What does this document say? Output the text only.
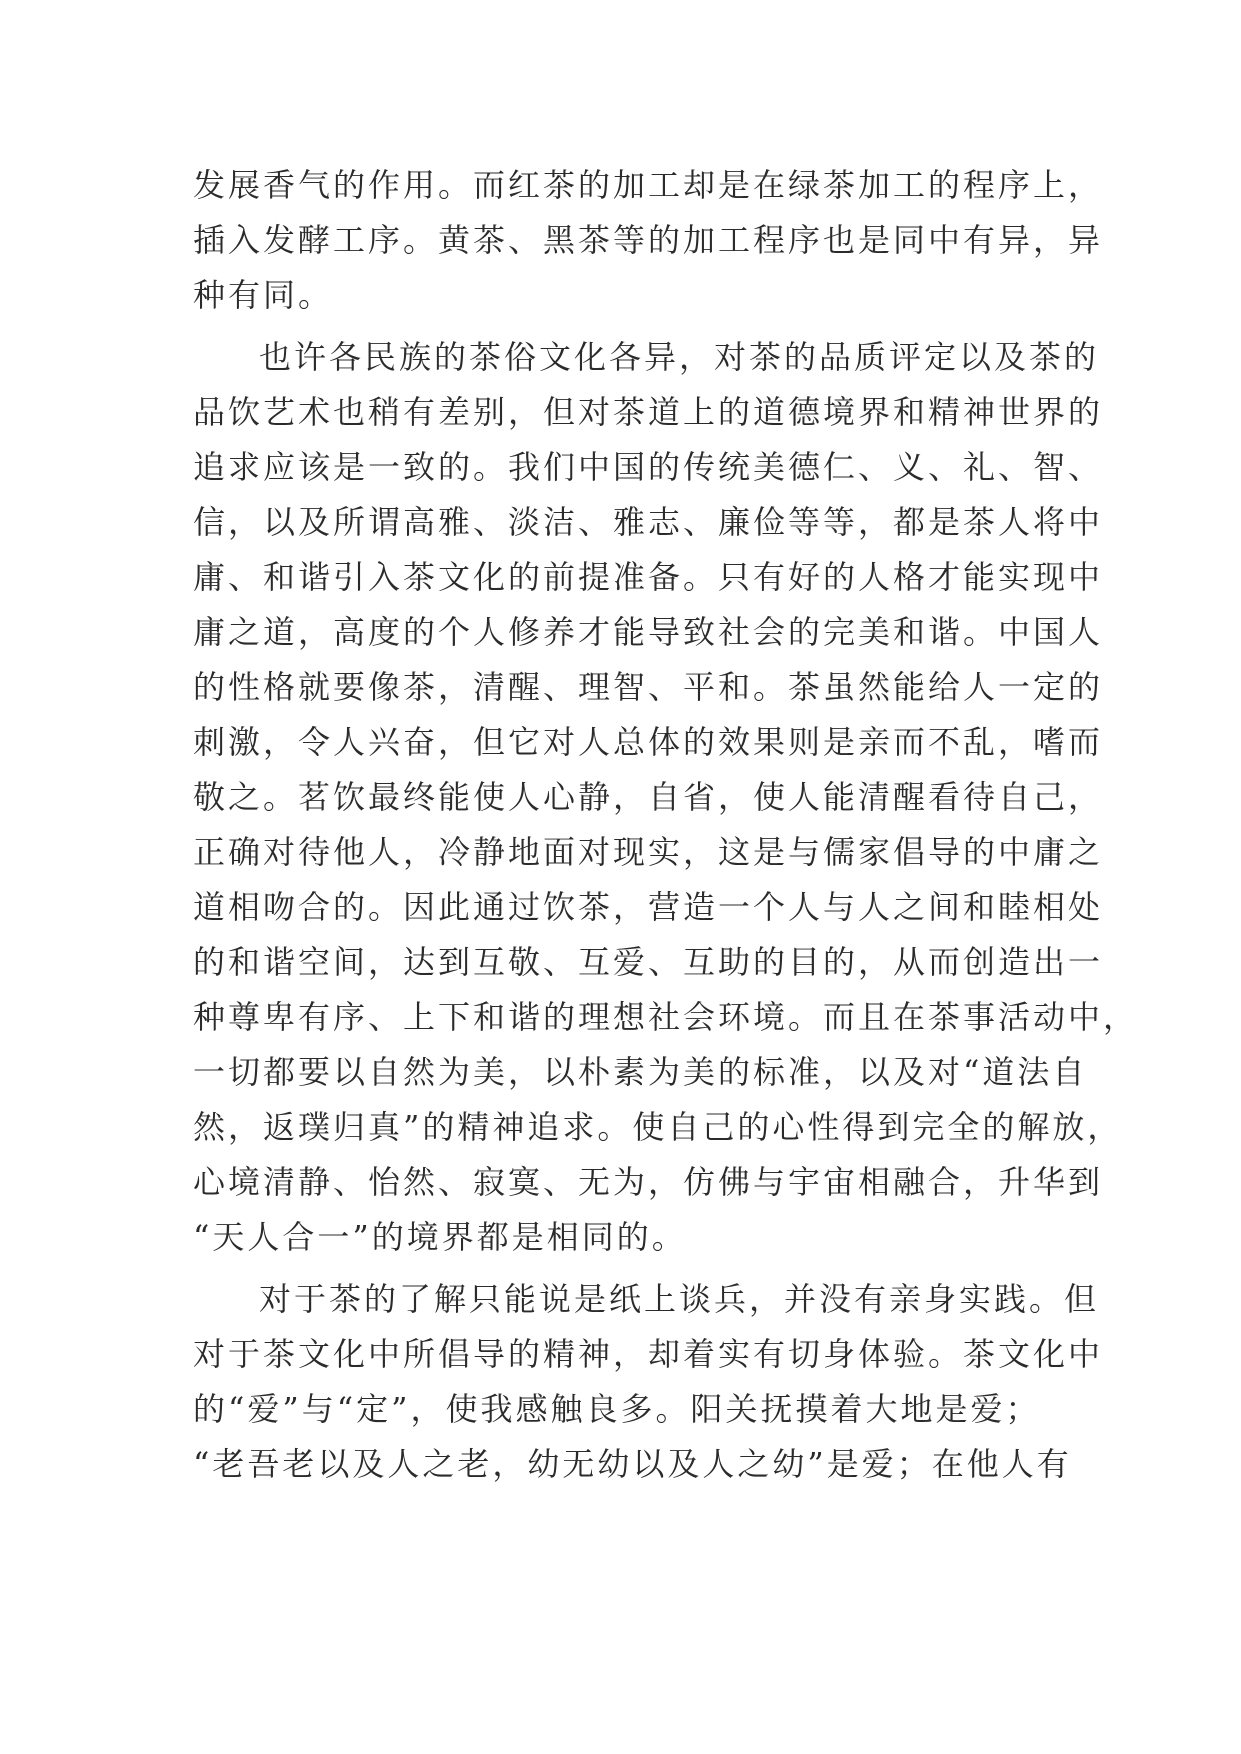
发展香气的作用。而红茶的加工却是在绿茶加工的程序上，
插入发酵工序。黄茶、黑茶等的加工程序也是同中有异，异
种有同。
也许各民族的茶俗文化各异，对茶的品质评定以及茶的
品饮艺术也稍有差别，但对茶道上的道德境界和精神世界的
追求应该是一致的。我们中国的传统美德仁、义、礼、智、
信，以及所谓高雅、淡洁、雅志、廉俭等等，都是茶人将中
庸、和谐引入茶文化的前提准备。只有好的人格才能实现中
庸之道，高度的个人修养才能导致社会的完美和谐。中国人
的性格就要像茶，清醒、理智、平和。茶虽然能给人一定的
刺激，令人兴奋，但它对人总体的效果则是亲而不乱，嗜而
敬之。茗饮最终能使人心静，自省，使人能清醒看待自己，
正确对待他人，冷静地面对现实，这是与儒家倡导的中庸之
道相吻合的。因此通过饮茶，营造一个人与人之间和睦相处
的和谐空间，达到互敬、互爱、互助的目的，从而创造出一
种尊卑有序、上下和谐的理想社会环境。而且在茶事活动中，
一切都要以自然为美，以朴素为美的标准，以及对“道法自
然，返璞归真”的精神追求。使自己的心性得到完全的解放，
心境清静、怡然、寂寞、无为，仿佛与宇宙相融合，升华到
“天人合一”的境界都是相同的。
对于茶的了解只能说是纸上谈兵，并没有亲身实践。但
对于茶文化中所倡导的精神，却着实有切身体验。茶文化中
的“爱”与“定”，使我感触良多。阳关抚摸着大地是爱；
“老吾老以及人之老，幼无幼以及人之幼”是爱；在他人有
